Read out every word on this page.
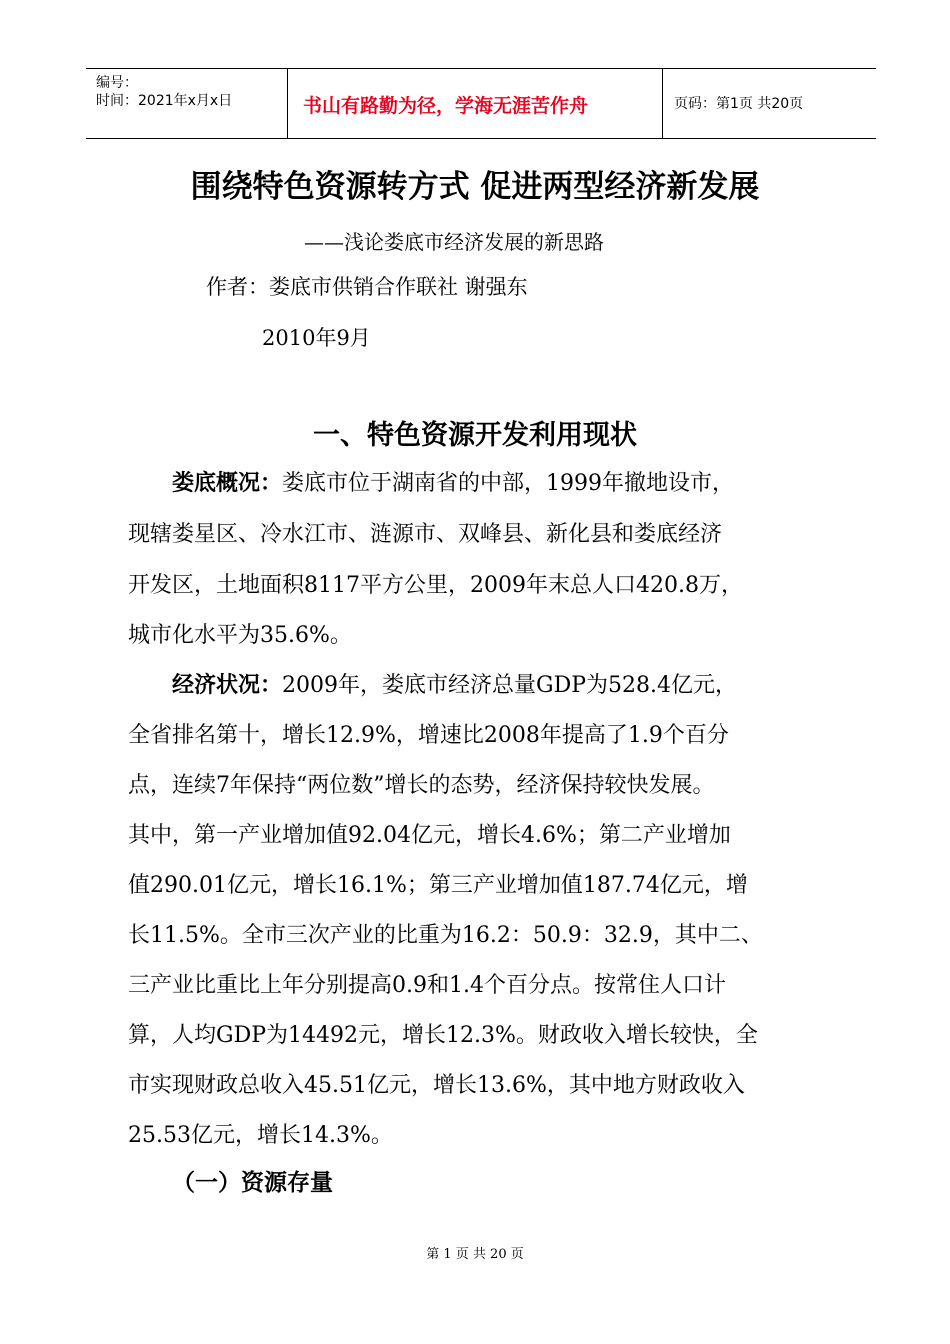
编号：
时间：2021年x月x日	书山有路勤为径，学海无涯苦作舟	页码：第1页 共20页
围绕特色资源转方式 促进两型经济新发展
——浅论娄底市经济发展的新思路
作者：娄底市供销合作联社 谢强东
2010年9月
一、特色资源开发利用现状
娄底概况：娄底市位于湖南省的中部，1999年撤地设市，
现辖娄星区、冷水江市、涟源市、双峰县、新化县和娄底经济
开发区，土地面积8117平方公里，2009年末总人口420.8万，
城市化水平为35.6%。
经济状况：2009年，娄底市经济总量GDP为528.4亿元，
全省排名第十，增长12.9%，增速比2008年提高了1.9个百分
点，连续7年保持“两位数”增长的态势，经济保持较快发展。
其中，第一产业增加值92.04亿元，增长4.6%；第二产业增加
值290.01亿元，增长16.1%；第三产业增加值187.74亿元，增
长11.5%。全市三次产业的比重为16.2：50.9：32.9，其中二、
三产业比重比上年分别提高0.9和1.4个百分点。按常住人口计
算，人均GDP为14492元，增长12.3%。财政收入增长较快，全
市实现财政总收入45.51亿元，增长13.6%，其中地方财政收入
25.53亿元，增长14.3%。
（一）资源存量
第 1 页 共 20 页
